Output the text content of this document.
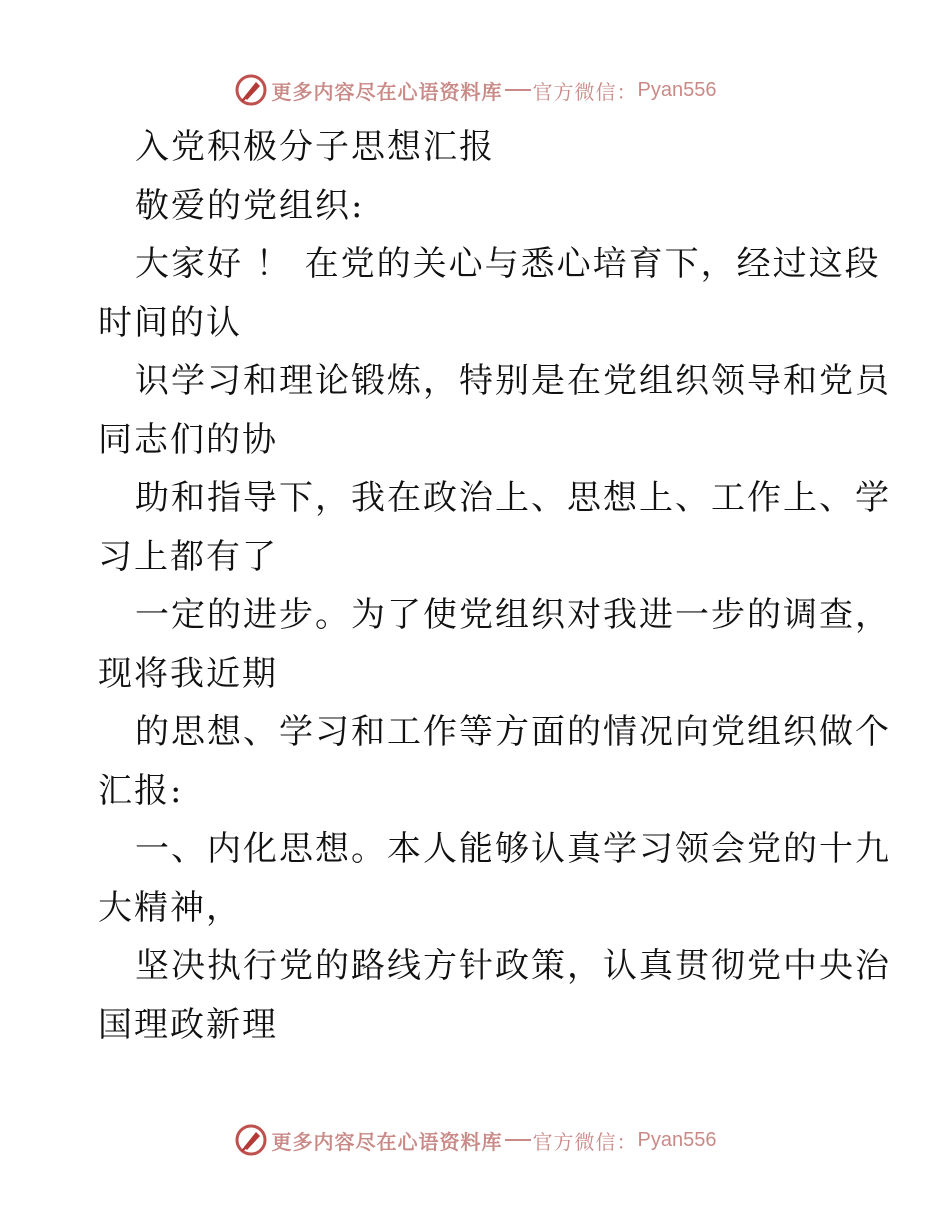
更多内容尽在心语资料库 官方微信： Pyan556
入党积极分子思想汇报
敬爱的党组织:
大家好 ！ 在党的关心与悉心培育下，经过这段
时间的认
识学习和理论锻炼，特别是在党组织领导和党员
同志们的协
助和指导下，我在政治上、思想上、工作上、学
习上都有了
一定的进步。为了使党组织对我进一步的调查，
现将我近期
的思想、学习和工作等方面的情况向党组织做个
汇报:
一、内化思想。本人能够认真学习领会党的十九
大精神，
坚决执行党的路线方针政策，认真贯彻党中央治
国理政新理
更多内容尽在心语资料库 官方微信： Pyan556
